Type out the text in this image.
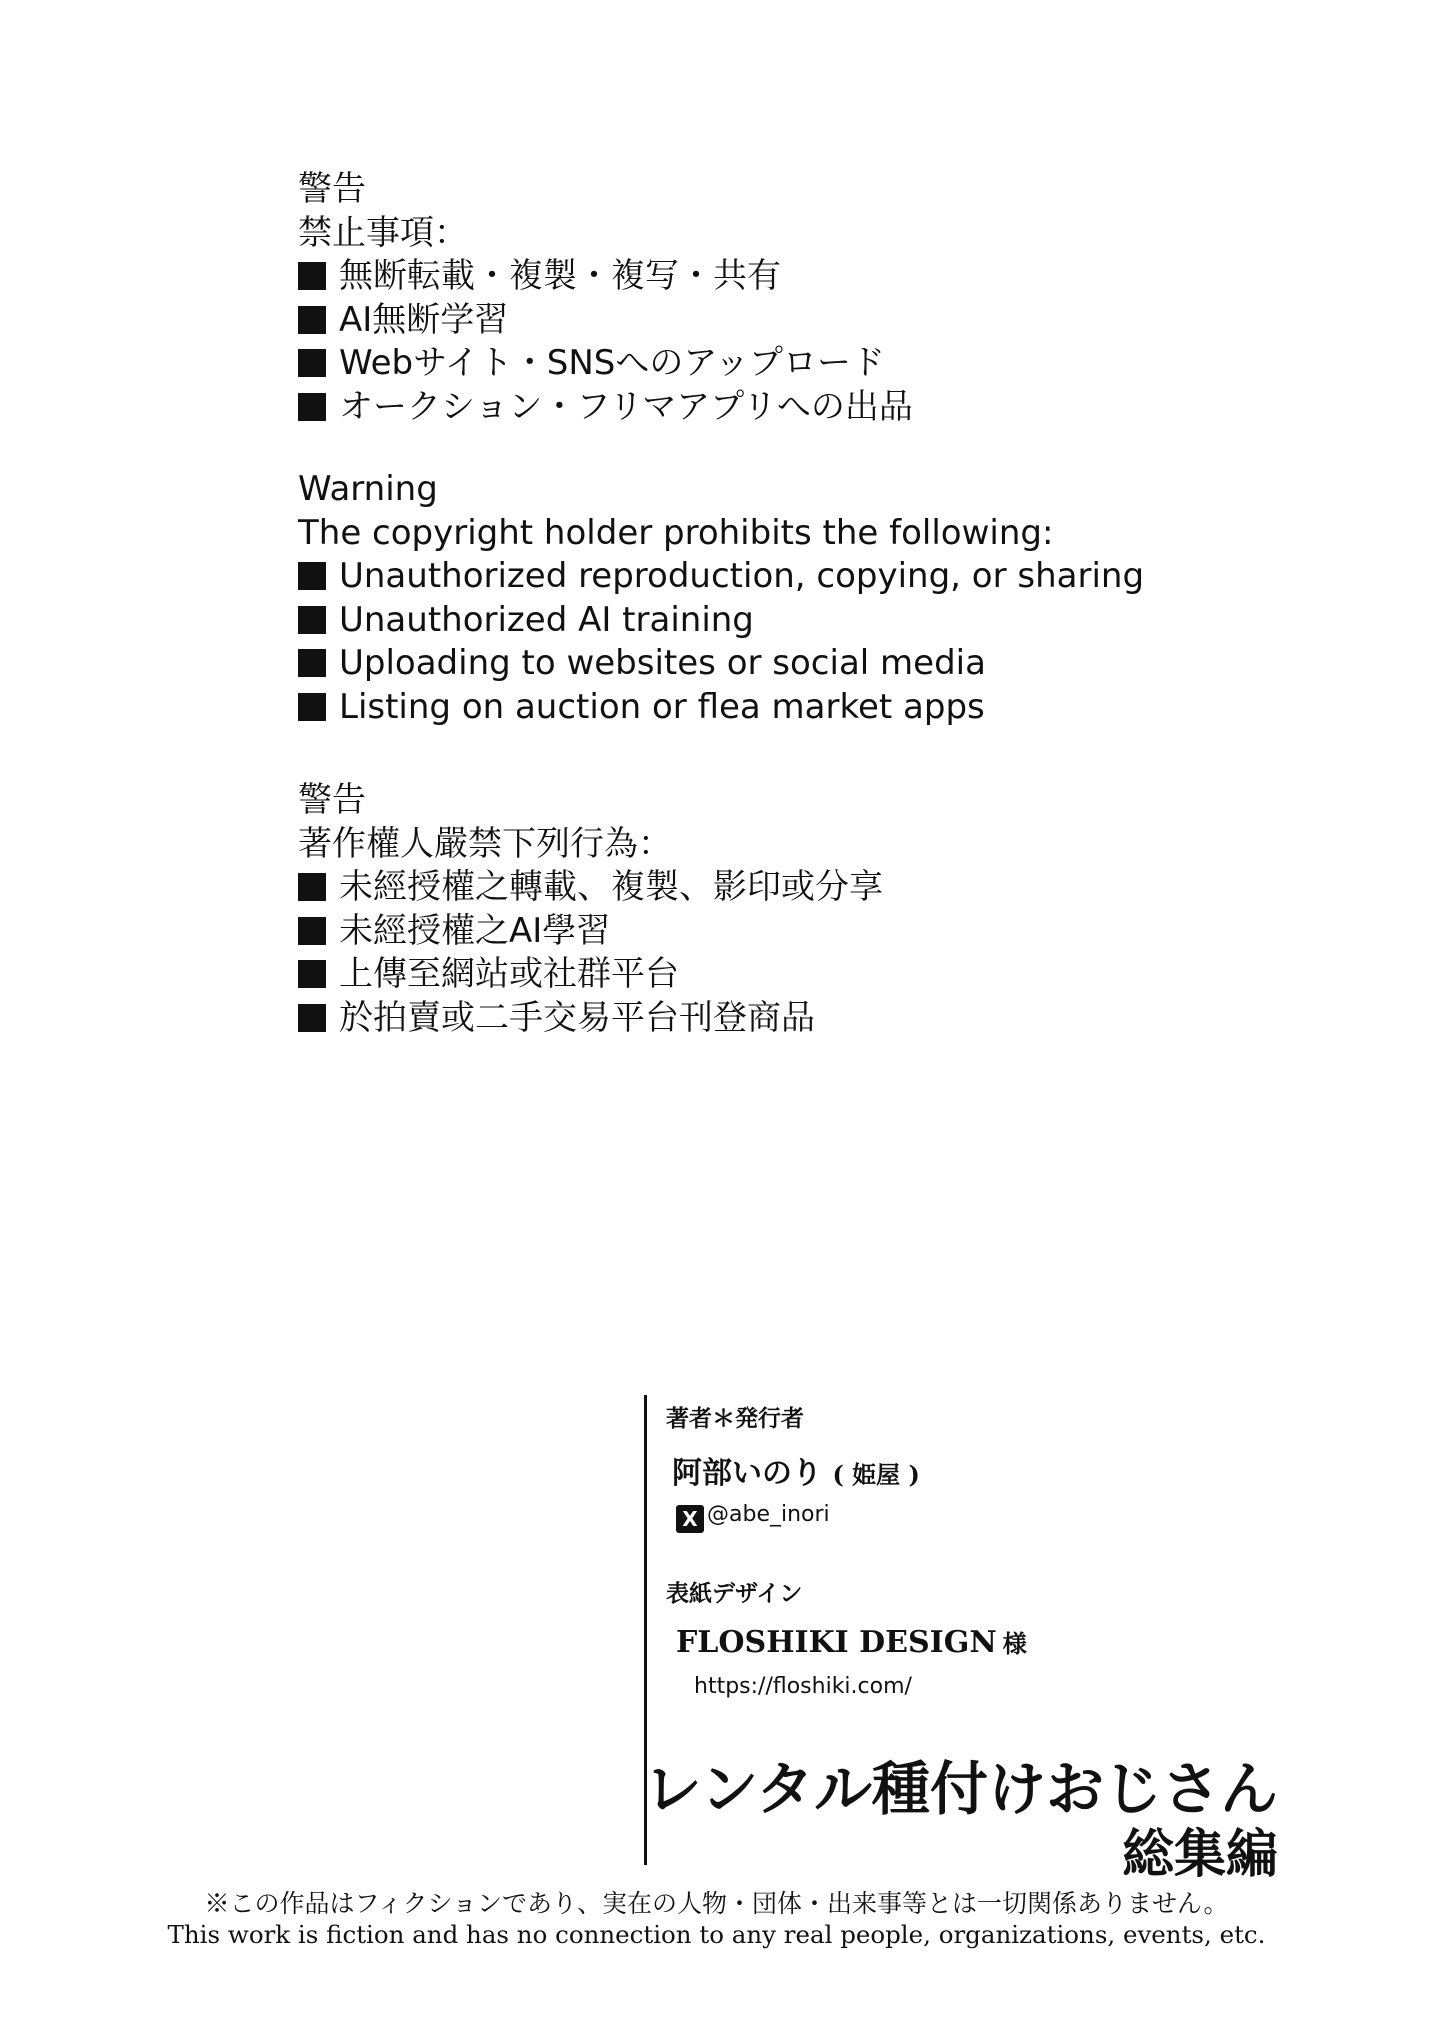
警告
禁止事項：
無断転載・複製・複写・共有
AI無断学習
Webサイト・SNSへのアップロード
オークション・フリマアプリへの出品
Warning
The copyright holder prohibits the following:
Unauthorized reproduction, copying, or sharing
Unauthorized AI training
Uploading to websites or social media
Listing on auction or flea market apps
警告
著作權人嚴禁下列行為：
未經授權之轉載、複製、影印或分享
未經授權之AI學習
上傳至網站或社群平台
於拍賣或二手交易平台刊登商品
著者＊発行者
阿部いのり ( 姫屋 )
X @abe_inori
表紙デザイン
FLOSHIKI DESIGN 様
https://floshiki.com/
レンタル種付けおじさん
総集編
※この作品はフィクションであり、実在の人物・団体・出来事等とは一切関係ありません。
This work is fiction and has no connection to any real people, organizations, events, etc.
